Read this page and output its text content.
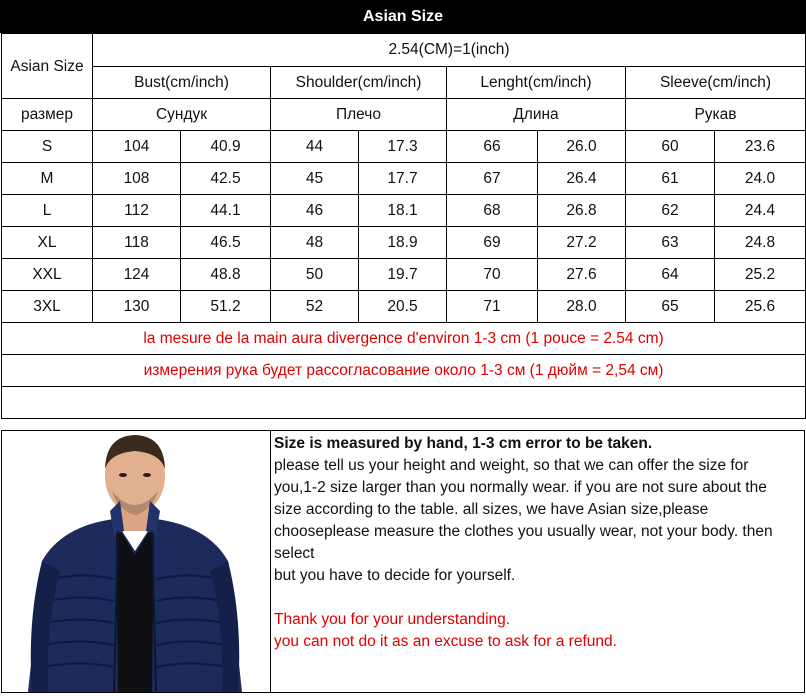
Asian Size
Asian Size	2.54(CM)=1(inch)							
	Bust(cm/inch)		Shoulder(cm/inch)		Lenght(cm/inch)		Sleeve(cm/inch)	
размер	Сундук		Плечо		Длина		Рукав	
S	104	40.9	44	17.3	66	26.0	60	23.6
M	108	42.5	45	17.7	67	26.4	61	24.0
L	112	44.1	46	18.1	68	26.8	62	24.4
XL	118	46.5	48	18.9	69	27.2	63	24.8
XXL	124	48.8	50	19.7	70	27.6	64	25.2
3XL	130	51.2	52	20.5	71	28.0	65	25.6
la mesure de la main aura divergence d'environ 1-3 cm (1 pouce = 2.54 cm)								
измерения рука будет рассогласование около 1-3 см (1 дюйм = 2,54 см)								

Size is measured by hand, 1-3 cm error to be taken.

please tell us your height and weight, so that we can offer the size for

you,1-2 size larger than you normally wear. if you are not sure about the

size according to the table. all sizes, we have Asian size,please

chooseplease measure the clothes you usually wear, not your body. then

select

but you have to decide for yourself.

Thank you for your understanding.

you can not do it as an excuse to ask for a refund.
